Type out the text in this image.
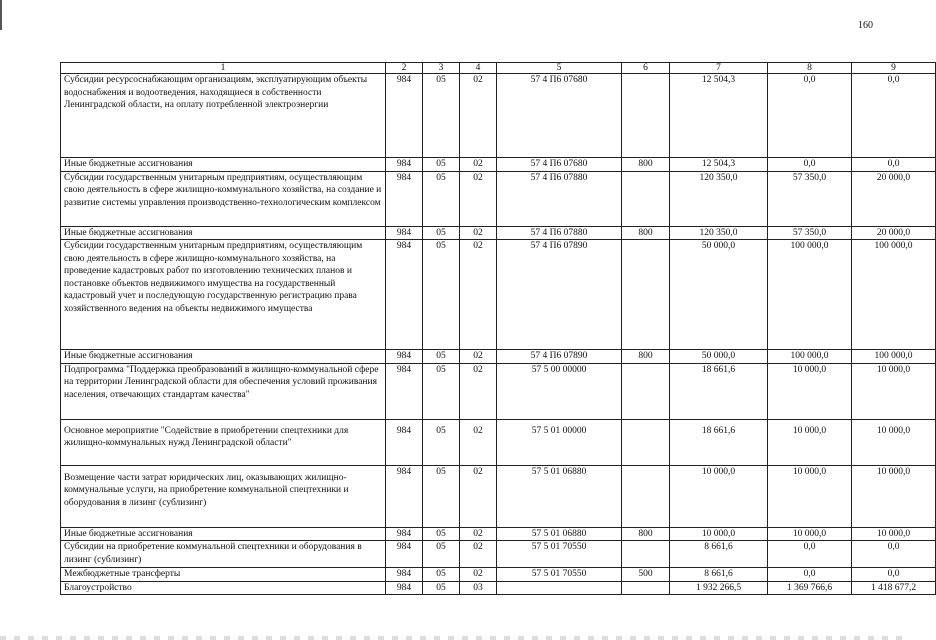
160
1	2	3	4	5	6	7	8	9
Субсидии ресурсоснабжающим организациям, эксплуатирующим объекты водоснабжения и водоотведения, находящиеся в собственности Ленинградской области, на оплату потребленной электроэнергии	984	05	02	57 4 П6 07680		12 504,3	0,0	0,0
Иные бюджетные ассигнования	984	05	02	57 4 П6 07680	800	12 504,3	0,0	0,0
Субсидии государственным унитарным предприятиям, осуществляющим свою деятельность в сфере жилищно-коммунального хозяйства, на создание и развитие системы управления производственно-технологическим комплексом	984	05	02	57 4 П6 07880		120 350,0	57 350,0	20 000,0
Иные бюджетные ассигнования	984	05	02	57 4 П6 07880	800	120 350,0	57 350,0	20 000,0
Субсидии государственным унитарным предприятиям, осуществляющим свою деятельность в сфере жилищно-коммунального хозяйства, на проведение кадастровых работ по изготовлению технических планов и постановке объектов недвижимого имущества на государственный кадастровый учет и последующую государственную регистрацию права хозяйственного ведения на объекты недвижимого имущества	984	05	02	57 4 П6 07890		50 000,0	100 000,0	100 000,0
Иные бюджетные ассигнования	984	05	02	57 4 П6 07890	800	50 000,0	100 000,0	100 000,0
Подпрограмма "Поддержка преобразований в жилищно-коммунальной сфере на территории Ленинградской области для обеспечения условий проживания населения, отвечающих стандартам качества"	984	05	02	57 5 00 00000		18 661,6	10 000,0	10 000,0
Основное мероприятие "Содействие в приобретении спецтехники для жилищно-коммунальных нужд Ленинградской области"	984	05	02	57 5 01 00000		18 661,6	10 000,0	10 000,0
Возмещение части затрат юридических лиц, оказывающих жилищно-коммунальные услуги, на приобретение коммунальной спецтехники и оборудования в лизинг (сублизинг)	984	05	02	57 5 01 06880		10 000,0	10 000,0	10 000,0
Иные бюджетные ассигнования	984	05	02	57 5 01 06880	800	10 000,0	10 000,0	10 000,0
Субсидии на приобретение коммунальной спецтехники и оборудования в лизинг (сублизинг)	984	05	02	57 5 01 70550		8 661,6	0,0	0,0
Межбюджетные трансферты	984	05	02	57 5 01 70550	500	8 661,6	0,0	0,0
Благоустройство	984	05	03			1 932 266,5	1 369 766,6	1 418 677,2
